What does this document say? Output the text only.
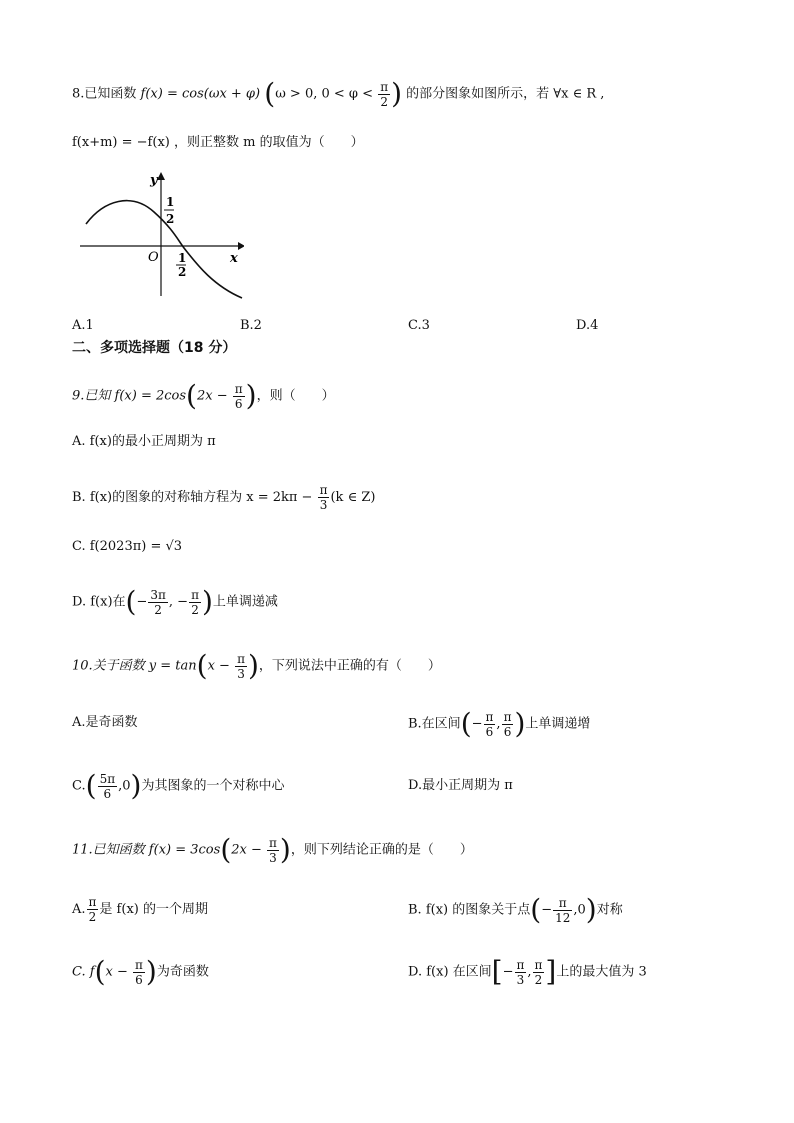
8.已知函数 f(x) = cos(ωx + φ) (ω > 0, $0 < \varphi < \frac{\pi}{2}$ ) 的部分图象如图所示，若 ∀x ∈ R ,
f(x+m) = −f(x) ，则正整数 m 的取值为（　　）
y
x
O
1
2
1
2
A.1	B.2	C.3	D.4
二、多项选择题（18 分）
9.已知 $f(x) = 2\cos(2x - \frac{\pi}{6}$ )，则（　　）
A. f(x)的最小正周期为 π
B. f(x)的图象的对称轴方程为 $x = 2k\pi - \frac{\pi}{3} (k$ ∈ Z)
C. f(2023π) = √3
D. f(x)在(− $\frac{3\pi}{2}$ , − $\frac{\pi}{2}$ )上单调递减
10.关于函数 $y = \tan(x - \frac{\pi}{3}$ )，下列说法中正确的有（　　）
A.是奇函数	B.在区间(− $\frac{\pi}{6}$ , $\frac{\pi}{6}$ )上单调递增
$C.( \frac{5\pi}{6} ,0)$为其图象的一个对称中心	D.最小正周期为 π
11.已知函数 $f(x) = 3\cos(2x - \frac{\pi}{3}$ )，则下列结论正确的是（　　）
A. $\frac{\pi}{2}$ 是 f(x) 的一个周期	B. f(x) 的图象关于点(− $\frac{\pi}{12} ,0$)对称
C. $f(x - \frac{\pi}{6}$ )为奇函数	D. f(x) 在区间[− $\frac{\pi}{3}$ , $\frac{\pi}{2}$ ]上的最大值为 3
